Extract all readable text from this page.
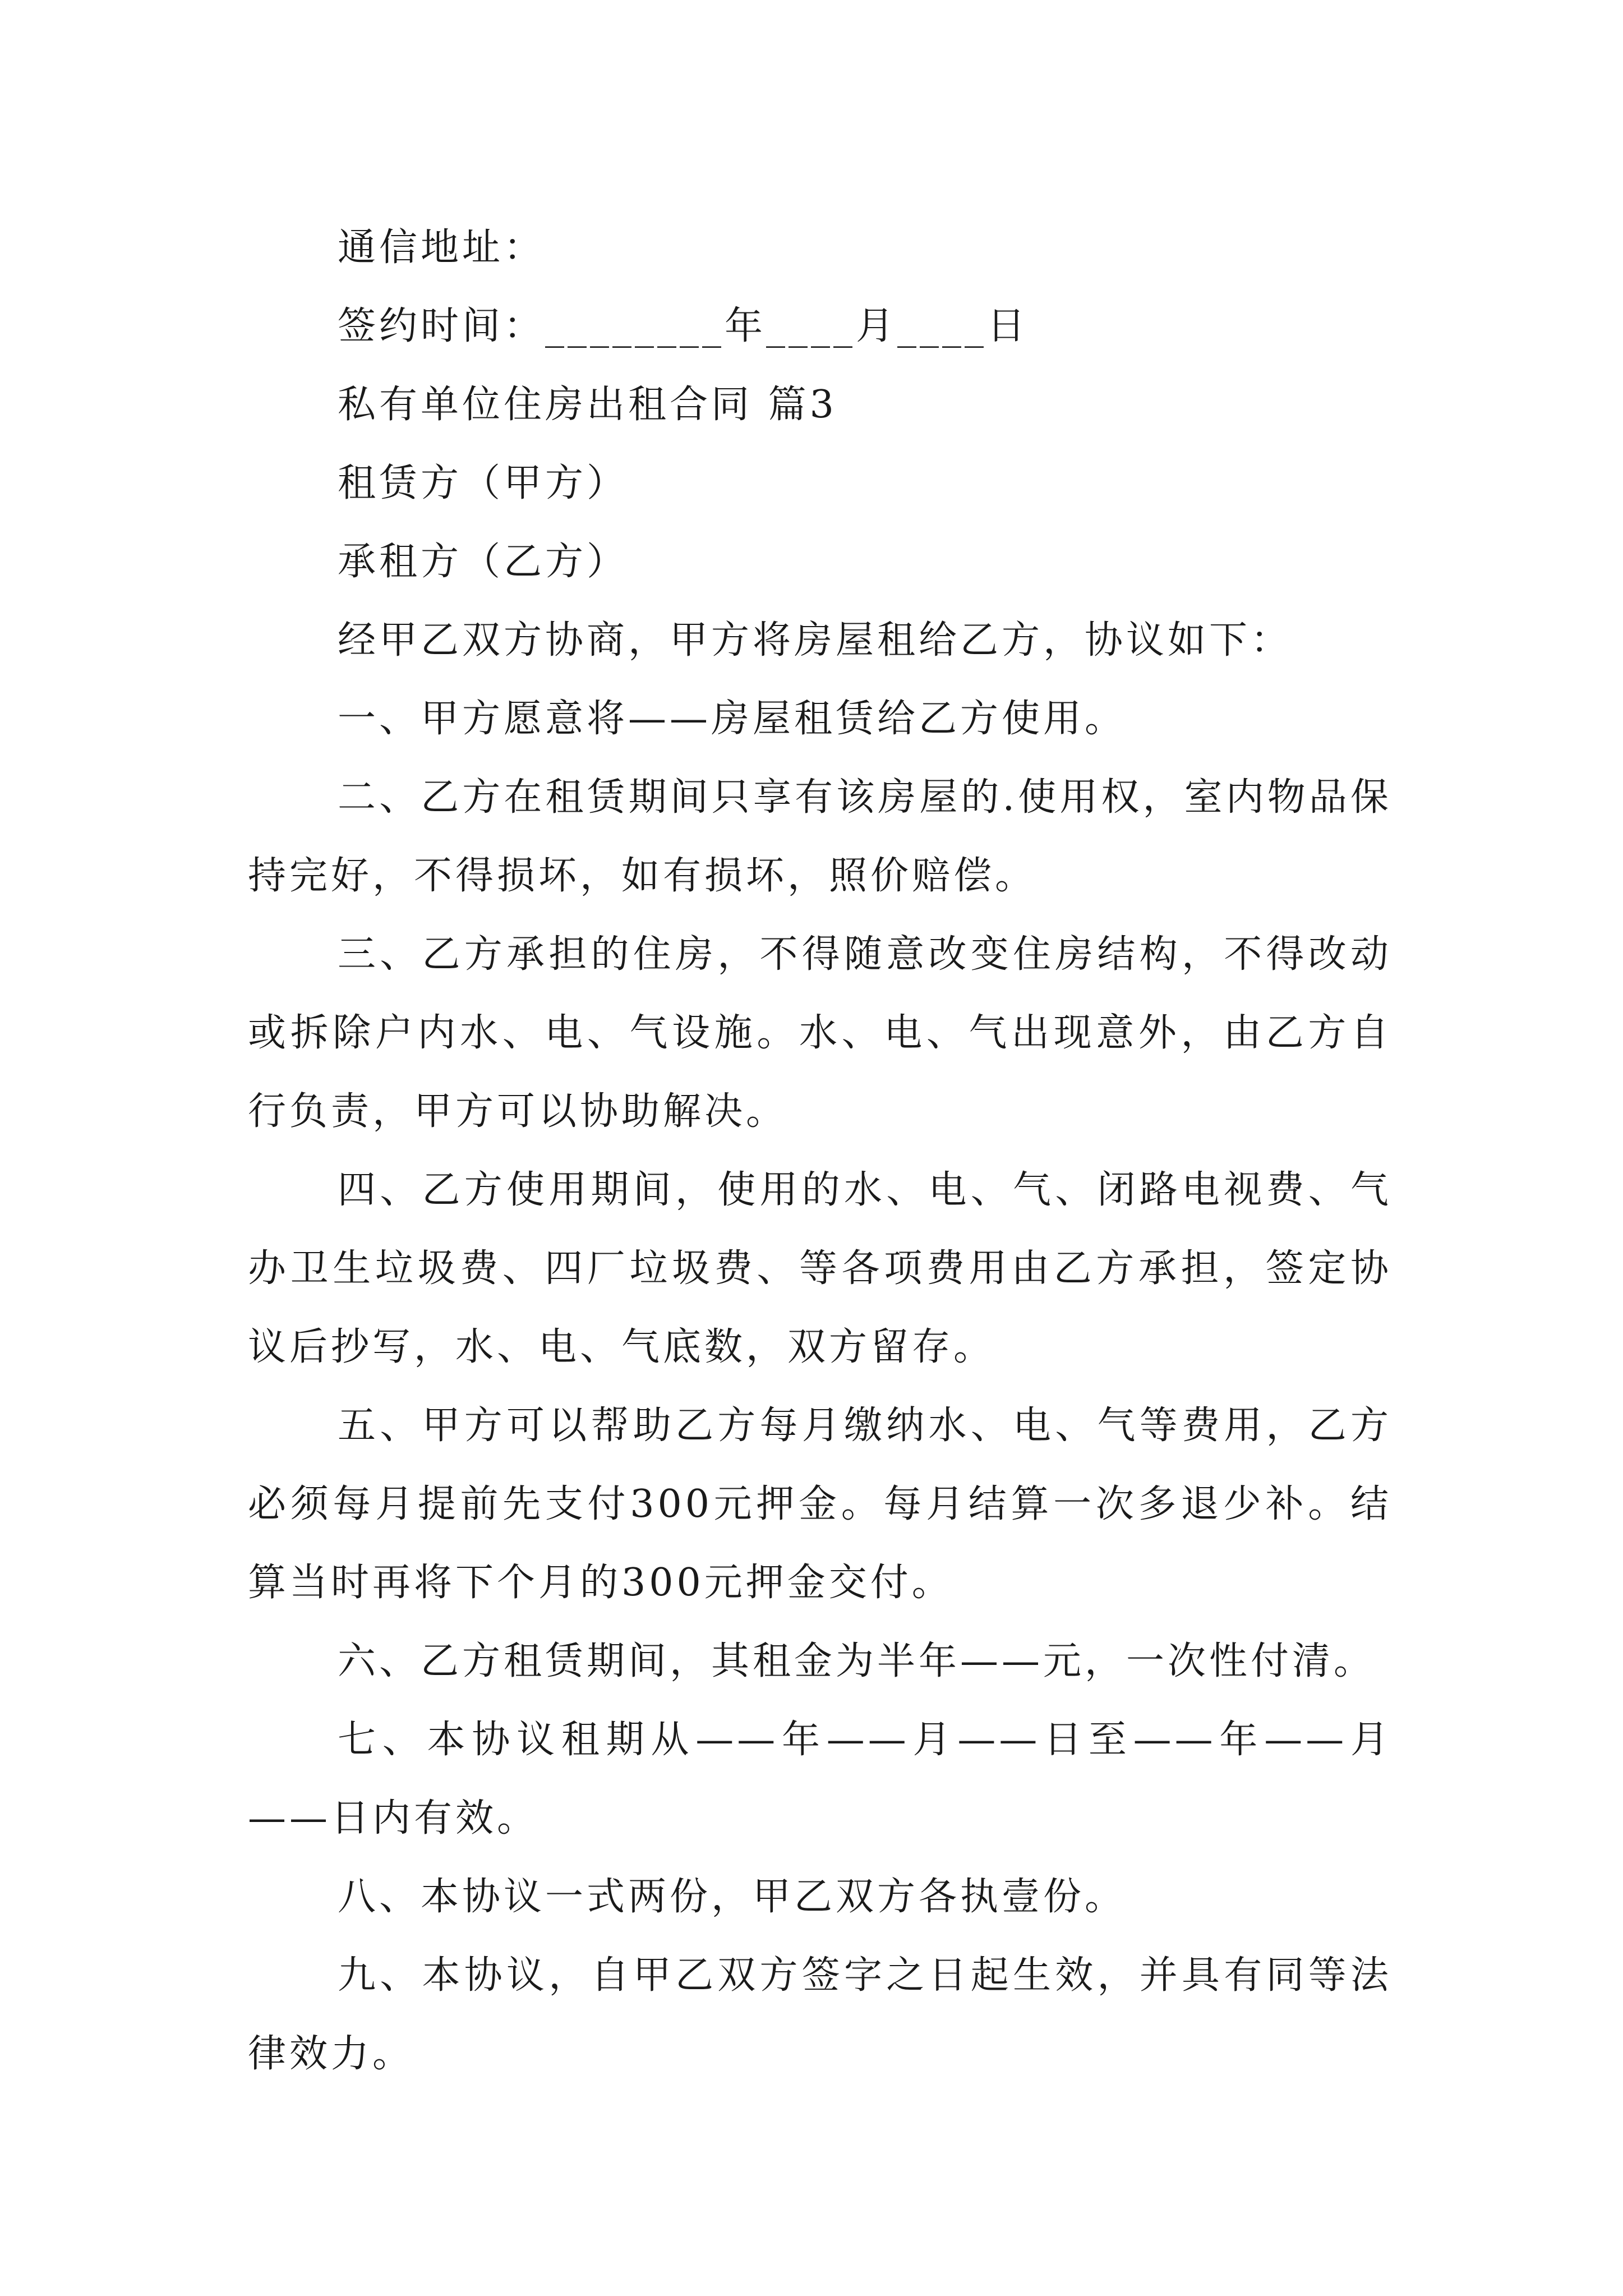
通信地址：
签约时间：________年____月____日
私有单位住房出租合同 篇3
租赁方（甲方）
承租方（乙方）
经甲乙双方协商，甲方将房屋租给乙方，协议如下：
一、甲方愿意将——房屋租赁给乙方使用。
二、乙方在租赁期间只享有该房屋的.使用权，室内物品保持完好，不得损坏，如有损坏，照价赔偿。
三、乙方承担的住房，不得随意改变住房结构，不得改动或拆除户内水、电、气设施。水、电、气出现意外，由乙方自行负责，甲方可以协助解决。
四、乙方使用期间，使用的水、电、气、闭路电视费、气办卫生垃圾费、四厂垃圾费、等各项费用由乙方承担，签定协议后抄写，水、电、气底数，双方留存。
五、甲方可以帮助乙方每月缴纳水、电、气等费用，乙方必须每月提前先支付300元押金。每月结算一次多退少补。结算当时再将下个月的300元押金交付。
六、乙方租赁期间，其租金为半年——元，一次性付清。
七、本协议租期从——年——月——日至——年——月——日内有效。
八、本协议一式两份，甲乙双方各执壹份。
九、本协议，自甲乙双方签字之日起生效，并具有同等法律效力。
